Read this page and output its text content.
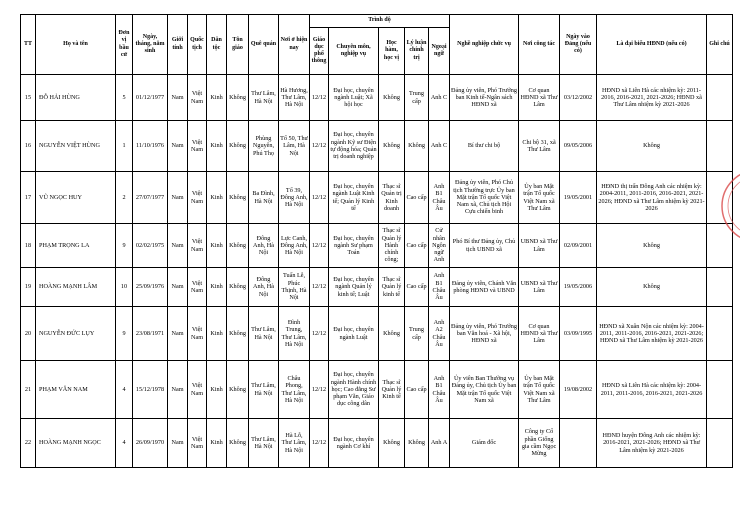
TT	Họ và tên	Đơn vị bầu cử	Ngày, tháng, năm sinh	Giới tính	Quốc tịch	Dân tộc	Tôn giáo	Quê quán	Nơi ở hiện nay	Trình độ					Nghề nghiệp chức vụ	Nơi công tác	Ngày vào Đảng (nếu có)	Là đại biểu HĐND (nếu có)	Ghi chú
										Giáo dục phổ thông	Chuyên môn, nghiệp vụ	Học hàm, học vị	Lý luận chính trị	Ngoại ngữ					
15	ĐỖ HẢI HÙNG	5	01/12/1977	Nam	Việt Nam	Kinh	Không	Thư Lâm, Hà Nội	Hà Hương, Thư Lâm, Hà Nội	12/12	Đại học, chuyên ngành Luật; Xã hội học	Không	Trung cấp	Anh C	Đảng ủy viên, Phó Trưởng ban Kinh tế-Ngân sách HĐND xã	Cơ quan HĐND xã Thư Lâm	03/12/2002	HĐND xã Liên Hà các nhiệm kỳ: 2011-2016, 2016-2021, 2021-2026; HĐND xã Thư Lâm nhiệm kỳ 2021-2026	
16	NGUYỄN VIỆT HÙNG	1	11/10/1976	Nam	Việt Nam	Kinh	Không	Phùng Nguyên, Phú Thọ	Tổ 50, Thư Lâm, Hà Nội	12/12	Đại học, chuyên ngành Kỹ sư Điện tự động hóa; Quản trị doanh nghiệp	Không	Không	Anh C	Bí thư chi bộ	Chi bộ 31, xã Thư Lâm	09/05/2006	Không	
17	VŨ NGỌC HUY	2	27/07/1977	Nam	Việt Nam	Kinh	Không	Ba Đình, Hà Nội	Tổ 39, Đông Anh, Hà Nội	12/12	Đại học, chuyên ngành Luật Kinh tế; Quản lý Kinh tế	Thạc sĩ Quản trị Kinh doanh	Cao cấp	Anh B1 Châu Âu	Đảng ủy viên, Phó Chủ tịch Thường trực Ủy ban Mặt trận Tổ quốc Việt Nam xã, Chủ tịch Hội Cựu chiến binh	Ủy ban Mặt trận Tổ quốc Việt Nam xã Thư Lâm	19/05/2001	HĐND thị trấn Đông Anh các nhiệm kỳ: 2004-2011, 2011-2016, 2016-2021, 2021-2026; HĐND xã Thư Lâm nhiệm kỳ 2021-2026	
18	PHẠM TRỌNG LA	9	02/02/1975	Nam	Việt Nam	Kinh	Không	Đông Anh, Hà Nội	Lực Canh, Đông Anh, Hà Nội	12/12	Đại học, chuyên ngành Sư phạm Toán	Thạc sĩ Quản lý Hành chính công;	Cao cấp	Cử nhân Ngôn ngữ Anh	Phó Bí thư Đảng ủy, Chủ tịch UBND xã	UBND xã Thư Lâm	02/09/2001	Không	
19	HOÀNG MẠNH LÂM	10	25/09/1976	Nam	Việt Nam	Kinh	Không	Đông Anh, Hà Nội	Tuấn Lễ, Phúc Thịnh, Hà Nội	12/12	Đại học, chuyên ngành Quản lý kinh tế; Luật	Thạc sĩ Quản lý kinh tế	Cao cấp	Anh B1 Châu Âu	Đảng ủy viên, Chánh Văn phòng HĐND và UBND	UBND xã Thư Lâm	19/05/2006	Không	
20	NGUYỄN ĐỨC LỤY	9	23/08/1971	Nam	Việt Nam	Kinh	Không	Thư Lâm, Hà Nội	Đình Trung, Thư Lâm, Hà Nội	12/12	Đại học, chuyên ngành Luật	Không	Trung cấp	Anh A2 Châu Âu	Đảng ủy viên, Phó Trưởng ban Văn hoá - Xã hội, HĐND xã	Cơ quan HĐND xã Thư Lâm	03/09/1995	HĐND xã Xuân Nộn các nhiệm kỳ: 2004-2011, 2011-2016, 2016-2021, 2021-2026; HĐND xã Thư Lâm nhiệm kỳ 2021-2026	
21	PHẠM VĂN NAM	4	15/12/1978	Nam	Việt Nam	Kinh	Không	Thư Lâm, Hà Nội	Châu Phong, Thư Lâm, Hà Nội	12/12	Đại học, chuyên ngành Hành chính học; Cao đẳng Sư phạm Văn, Giáo dục công dân	Thạc sĩ Quản lý Kinh tế	Cao cấp	Anh B1 Châu Âu	Ủy viên Ban Thường vụ Đảng ủy, Chủ tịch Ủy ban Mặt trận Tổ quốc Việt Nam xã	Ủy ban Mặt trận Tổ quốc Việt Nam xã Thư Lâm	19/08/2002	HĐND xã Liên Hà các nhiệm kỳ: 2004-2011, 2011-2016, 2016-2021, 2021-2026	
22	HOÀNG MẠNH NGỌC	4	26/09/1970	Nam	Việt Nam	Kinh	Không	Thư Lâm, Hà Nội	Hà Lỗ, Thư Lâm, Hà Nội	12/12	Đại học, chuyên ngành Cơ khí	Không	Không	Anh A	Giám đốc	Công ty Cổ phần Giống gia cầm Ngọc Mừng		HĐND huyện Đông Anh các nhiệm kỳ: 2016-2021, 2021-2026; HĐND xã Thư Lâm nhiệm kỳ 2021-2026	
